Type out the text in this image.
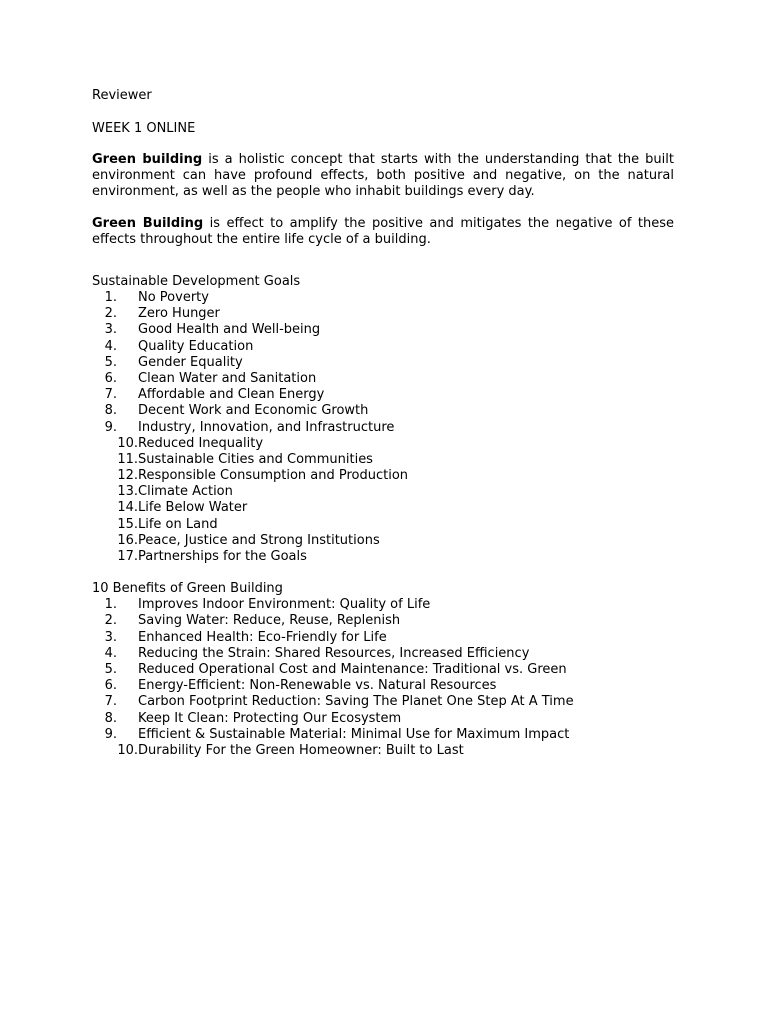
Reviewer

WEEK 1 ONLINE

Green building is a holistic concept that starts with the understanding that the built environment can have profound effects, both positive and negative, on the natural environment, as well as the people who inhabit buildings every day.

Green Building is effect to amplify the positive and mitigates the negative of these effects throughout the entire life cycle of a building.

Sustainable Development Goals

1.	No Poverty
2.	Zero Hunger
3.	Good Health and Well-being
4.	Quality Education
5.	Gender Equality
6.	Clean Water and Sanitation
7.	Affordable and Clean Energy
8.	Decent Work and Economic Growth
9.	Industry, Innovation, and Infrastructure
10. Reduced Inequality
11. Sustainable Cities and Communities
12. Responsible Consumption and Production
13. Climate Action
14. Life Below Water
15. Life on Land
16. Peace, Justice and Strong Institutions
17. Partnerships for the Goals

10 Benefits of Green Building

1.	Improves Indoor Environment: Quality of Life
2.	Saving Water: Reduce, Reuse, Replenish
3.	Enhanced Health: Eco-Friendly for Life
4.	Reducing the Strain: Shared Resources, Increased Efficiency
5.	Reduced Operational Cost and Maintenance: Traditional vs. Green
6.	Energy-Efficient: Non-Renewable vs. Natural Resources
7.	Carbon Footprint Reduction: Saving The Planet One Step At A Time
8.	Keep It Clean: Protecting Our Ecosystem
9.	Efficient & Sustainable Material: Minimal Use for Maximum Impact
10. Durability For the Green Homeowner: Built to Last
